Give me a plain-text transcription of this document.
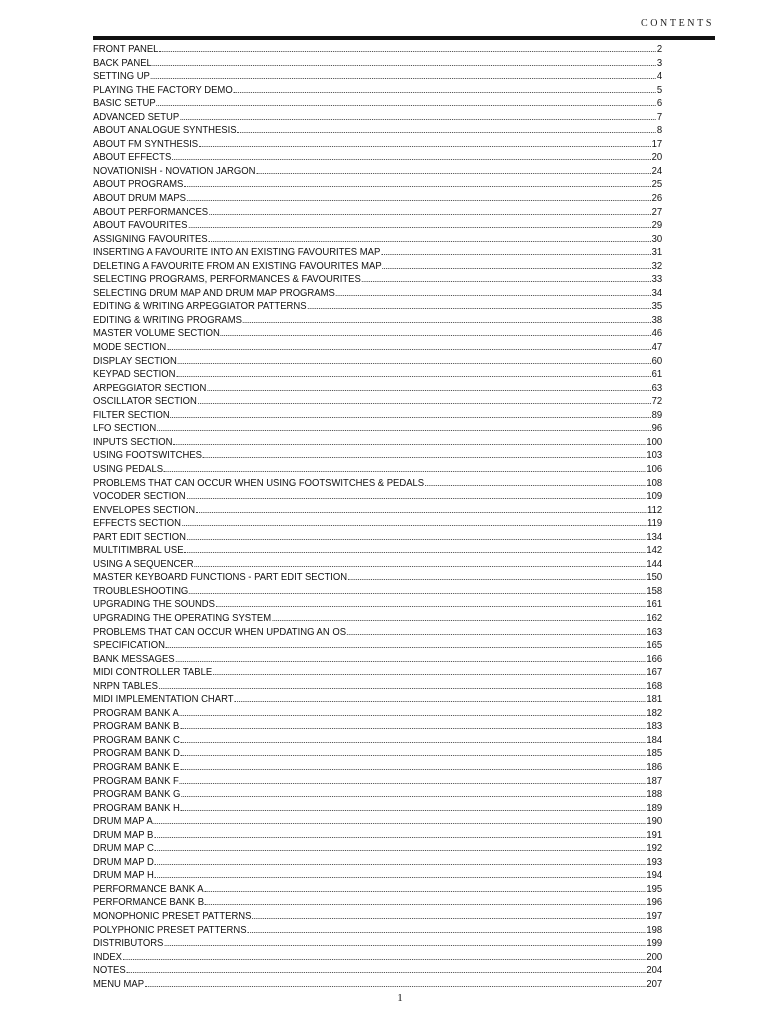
CONTENTS
FRONT PANEL	2
BACK PANEL	3
SETTING UP	4
PLAYING THE FACTORY DEMO	5
BASIC SETUP	6
ADVANCED SETUP	7
ABOUT ANALOGUE SYNTHESIS	8
ABOUT FM SYNTHESIS	17
ABOUT EFFECTS	20
NOVATIONISH - NOVATION JARGON	24
ABOUT PROGRAMS	25
ABOUT DRUM MAPS	26
ABOUT PERFORMANCES	27
ABOUT FAVOURITES	29
ASSIGNING FAVOURITES	30
INSERTING A FAVOURITE INTO AN EXISTING FAVOURITES MAP	31
DELETING A FAVOURITE FROM AN EXISTING FAVOURITES MAP	32
SELECTING PROGRAMS, PERFORMANCES & FAVOURITES	33
SELECTING DRUM MAP AND DRUM MAP PROGRAMS	34
EDITING & WRITING ARPEGGIATOR PATTERNS	35
EDITING & WRITING PROGRAMS	38
MASTER VOLUME SECTION	46
MODE SECTION	47
DISPLAY SECTION	60
KEYPAD SECTION	61
ARPEGGIATOR SECTION	63
OSCILLATOR SECTION	72
FILTER SECTION	89
LFO SECTION	96
INPUTS SECTION	100
USING FOOTSWITCHES	103
USING PEDALS	106
PROBLEMS THAT CAN OCCUR WHEN USING FOOTSWITCHES & PEDALS	108
VOCODER SECTION	109
ENVELOPES SECTION	112
EFFECTS SECTION	119
PART EDIT SECTION	134
MULTITIMBRAL USE	142
USING A SEQUENCER	144
MASTER KEYBOARD FUNCTIONS - PART EDIT SECTION	150
TROUBLESHOOTING	158
UPGRADING THE SOUNDS	161
UPGRADING THE OPERATING SYSTEM	162
PROBLEMS THAT CAN OCCUR WHEN UPDATING AN OS	163
SPECIFICATION	165
BANK MESSAGES	166
MIDI CONTROLLER TABLE	167
NRPN TABLES	168
MIDI IMPLEMENTATION CHART	181
PROGRAM BANK A	182
PROGRAM BANK B	183
PROGRAM BANK C	184
PROGRAM BANK D	185
PROGRAM BANK E	186
PROGRAM BANK F	187
PROGRAM BANK G	188
PROGRAM BANK H	189
DRUM MAP A	190
DRUM MAP B	191
DRUM MAP C	192
DRUM MAP D	193
DRUM MAP H	194
PERFORMANCE BANK A	195
PERFORMANCE BANK B	196
MONOPHONIC PRESET PATTERNS	197
POLYPHONIC PRESET PATTERNS	198
DISTRIBUTORS	199
INDEX	200
NOTES	204
MENU MAP	207
1
